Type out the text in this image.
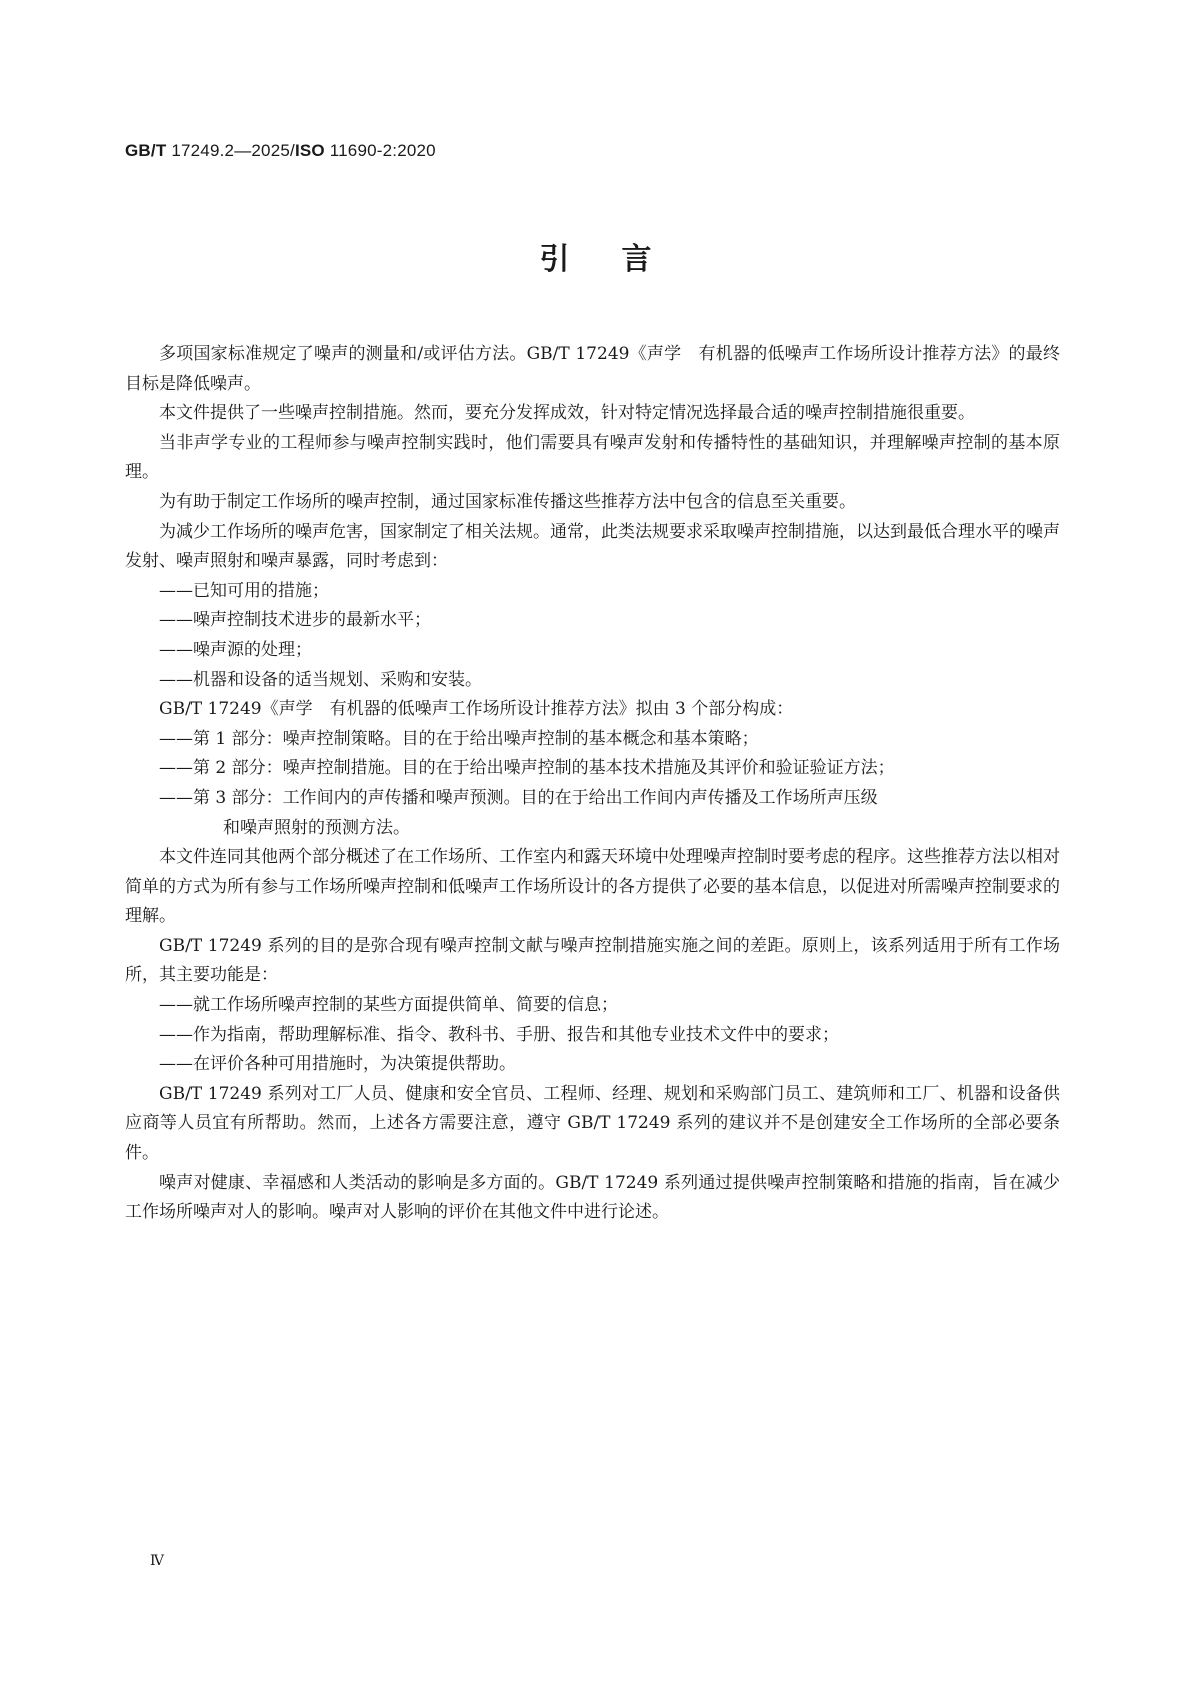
GB/T 17249.2—2025/ISO 11690-2:2020
引言

多项国家标准规定了噪声的测量和/或评估方法。GB/T 17249《声学　有机器的低噪声工作场所设计推荐方法》的最终目标是降低噪声。

本文件提供了一些噪声控制措施。然而，要充分发挥成效，针对特定情况选择最合适的噪声控制措施很重要。

当非声学专业的工程师参与噪声控制实践时，他们需要具有噪声发射和传播特性的基础知识，并理解噪声控制的基本原理。

为有助于制定工作场所的噪声控制，通过国家标准传播这些推荐方法中包含的信息至关重要。

为减少工作场所的噪声危害，国家制定了相关法规。通常，此类法规要求采取噪声控制措施，以达到最低合理水平的噪声发射、噪声照射和噪声暴露，同时考虑到：

——已知可用的措施；
——噪声控制技术进步的最新水平；
——噪声源的处理；
——机器和设备的适当规划、采购和安装。

GB/T 17249《声学　有机器的低噪声工作场所设计推荐方法》拟由 3 个部分构成：

——第 1 部分：噪声控制策略。目的在于给出噪声控制的基本概念和基本策略；
——第 2 部分：噪声控制措施。目的在于给出噪声控制的基本技术措施及其评价和验证验证方法；
——第 3 部分：工作间内的声传播和噪声预测。目的在于给出工作间内声传播及工作场所声压级
和噪声照射的预测方法。

本文件连同其他两个部分概述了在工作场所、工作室内和露天环境中处理噪声控制时要考虑的程序。这些推荐方法以相对简单的方式为所有参与工作场所噪声控制和低噪声工作场所设计的各方提供了必要的基本信息，以促进对所需噪声控制要求的理解。

GB/T 17249 系列的目的是弥合现有噪声控制文献与噪声控制措施实施之间的差距。原则上，该系列适用于所有工作场所，其主要功能是：

——就工作场所噪声控制的某些方面提供简单、简要的信息；
——作为指南，帮助理解标准、指令、教科书、手册、报告和其他专业技术文件中的要求；
——在评价各种可用措施时，为决策提供帮助。

GB/T 17249 系列对工厂人员、健康和安全官员、工程师、经理、规划和采购部门员工、建筑师和工厂、机器和设备供应商等人员宜有所帮助。然而，上述各方需要注意，遵守 GB/T 17249 系列的建议并不是创建安全工作场所的全部必要条件。

噪声对健康、幸福感和人类活动的影响是多方面的。GB/T 17249 系列通过提供噪声控制策略和措施的指南，旨在减少工作场所噪声对人的影响。噪声对人影响的评价在其他文件中进行论述。

Ⅳ
